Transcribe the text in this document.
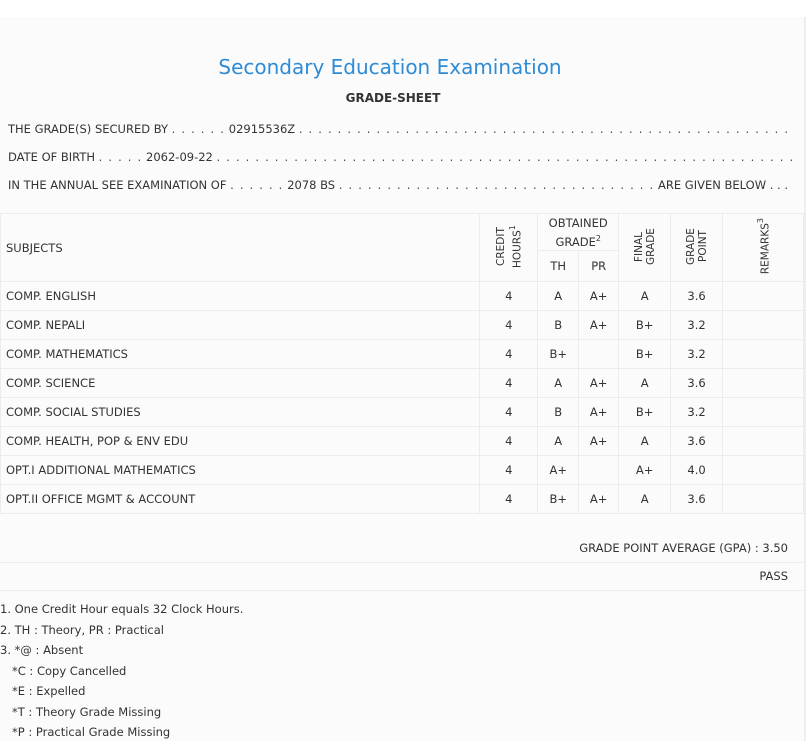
Secondary Education Examination
GRADE-SHEET
THE GRADE(S) SECURED BY . . . . . . 02915536Z . . . . . . . . . . . . . . . . . . . . . . . . . . . . . . . . . . . . . . . . . . . . . . . . . . .
DATE OF BIRTH . . . . . 2062-09-22 . . . . . . . . . . . . . . . . . . . . . . . . . . . . . . . . . . . . . . . . . . . . . . . . . . . . . . . . . . . .
IN THE ANNUAL SEE EXAMINATION OF . . . . . . 2078 BS . . . . . . . . . . . . . . . . . . . . . . . . . . . . . . . . . ARE GIVEN BELOW . . .
SUBJECTS	CREDIT HOURS$^1$	OBTAINED GRADE$^2$		FINAL GRADE	GRADE POINT	REMARKS$^3$
		TH	PR			
COMP. ENGLISH	4	A	A+	A	3.6	
COMP. NEPALI	4	B	A+	B+	3.2	
COMP. MATHEMATICS	4	B+		B+	3.2	
COMP. SCIENCE	4	A	A+	A	3.6	
COMP. SOCIAL STUDIES	4	B	A+	B+	3.2	
COMP. HEALTH, POP & ENV EDU	4	A	A+	A	3.6	
OPT.I ADDITIONAL MATHEMATICS	4	A+		A+	4.0	
OPT.II OFFICE MGMT & ACCOUNT	4	B+	A+	A	3.6	
GRADE POINT AVERAGE (GPA) : 3.50
PASS
1. One Credit Hour equals 32 Clock Hours.
2. TH : Theory, PR : Practical
3. *@ : Absent
*C : Copy Cancelled
*E : Expelled
*T : Theory Grade Missing
*P : Practical Grade Missing
